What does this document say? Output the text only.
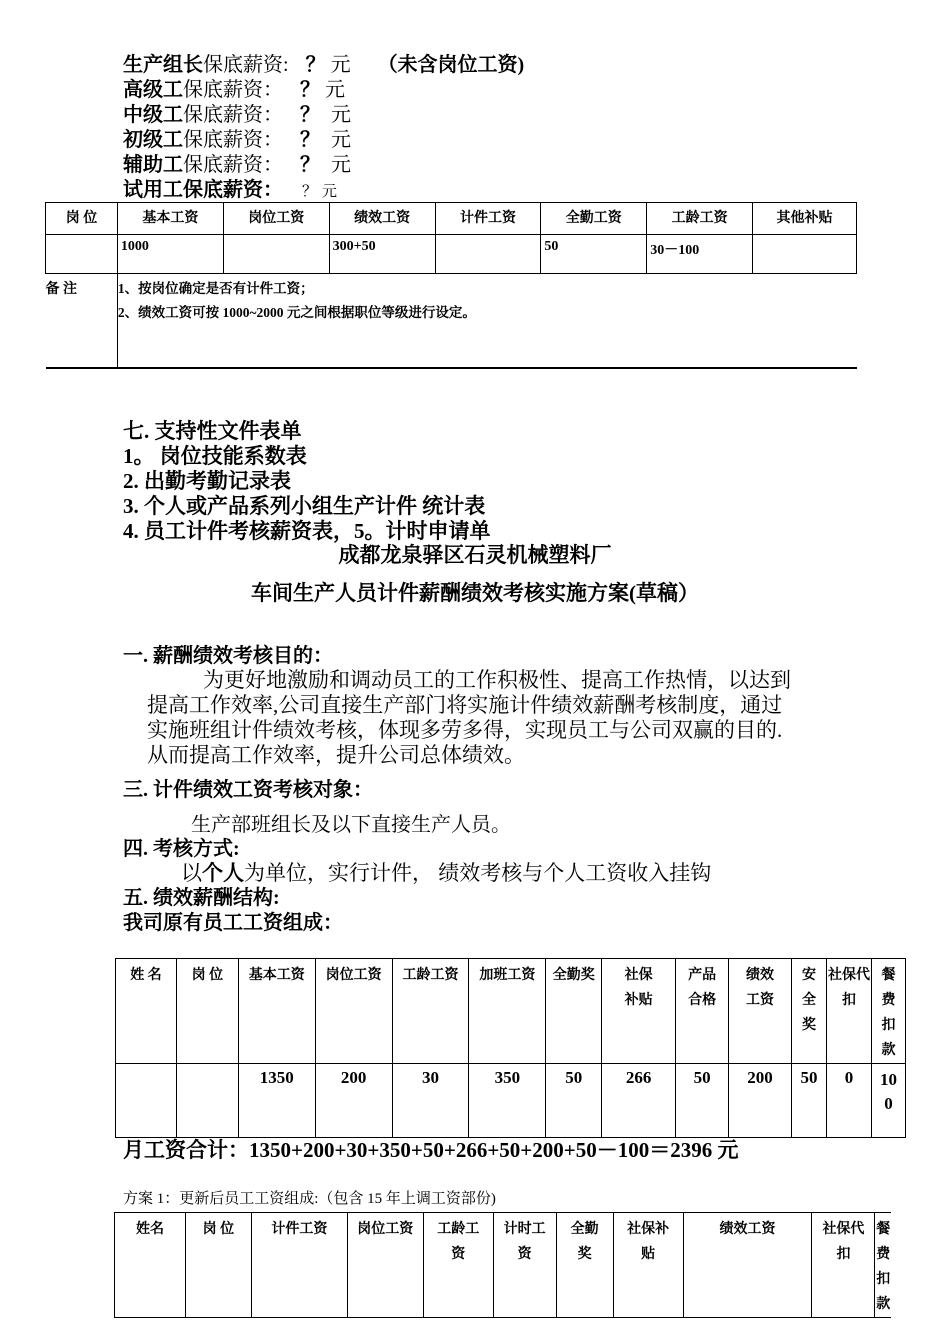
生产组长保底薪资: ？ 元 （未含岗位工资)
高级工保底薪资： ？ 元
中级工保底薪资： ？ 元
初级工保底薪资： ？ 元
辅助工保底薪资： ？ 元
试用工保底薪资： ？ 元
岗 位	基本工资	岗位工资	绩效工资	计件工资	全勤工资	工龄工资	其他补贴
	1000		300+50		50	30－100	
备 注	1、按岗位确定是否有计件工资；
2、绩效工资可按 1000~2000 元之间根据职位等级进行设定。						
七. 支持性文件表单
1。 岗位技能系数表
2. 出勤考勤记录表
3. 个人或产品系列小组生产计件 统计表
4. 员工计件考核薪资表，5。计时申请单
成都龙泉驿区石灵机械塑料厂
车间生产人员计件薪酬绩效考核实施方案(草稿）
一. 薪酬绩效考核目的：
为更好地激励和调动员工的工作积极性、提高工作热情，以达到
提高工作效率,公司直接生产部门将实施计件绩效薪酬考核制度，通过
实施班组计件绩效考核，体现多劳多得，实现员工与公司双赢的目的.
从而提高工作效率，提升公司总体绩效。
三. 计件绩效工资考核对象：
生产部班组长及以下直接生产人员。
四. 考核方式:
以个人为单位，实行计件， 绩效考核与个人工资收入挂钩
五. 绩效薪酬结构:
我司原有员工工资组成：
姓 名	岗 位	基本工资	岗位工资	工龄工资	加班工资	全勤奖	社保补贴	产品合格	绩效工资	安全奖	社保代扣	餐费扣款
		1350	200	30	350	50	266	50	200	50	0	100
月工资合计：1350+200+30+350+50+266+50+200+50－100＝2396 元
方案 1：更新后员工工资组成:（包含 15 年上调工资部份)
姓名	岗 位	计件工资	岗位工资	工龄工资	计时工资	全勤奖	社保补贴	绩效工资	社保代扣	餐费扣款
